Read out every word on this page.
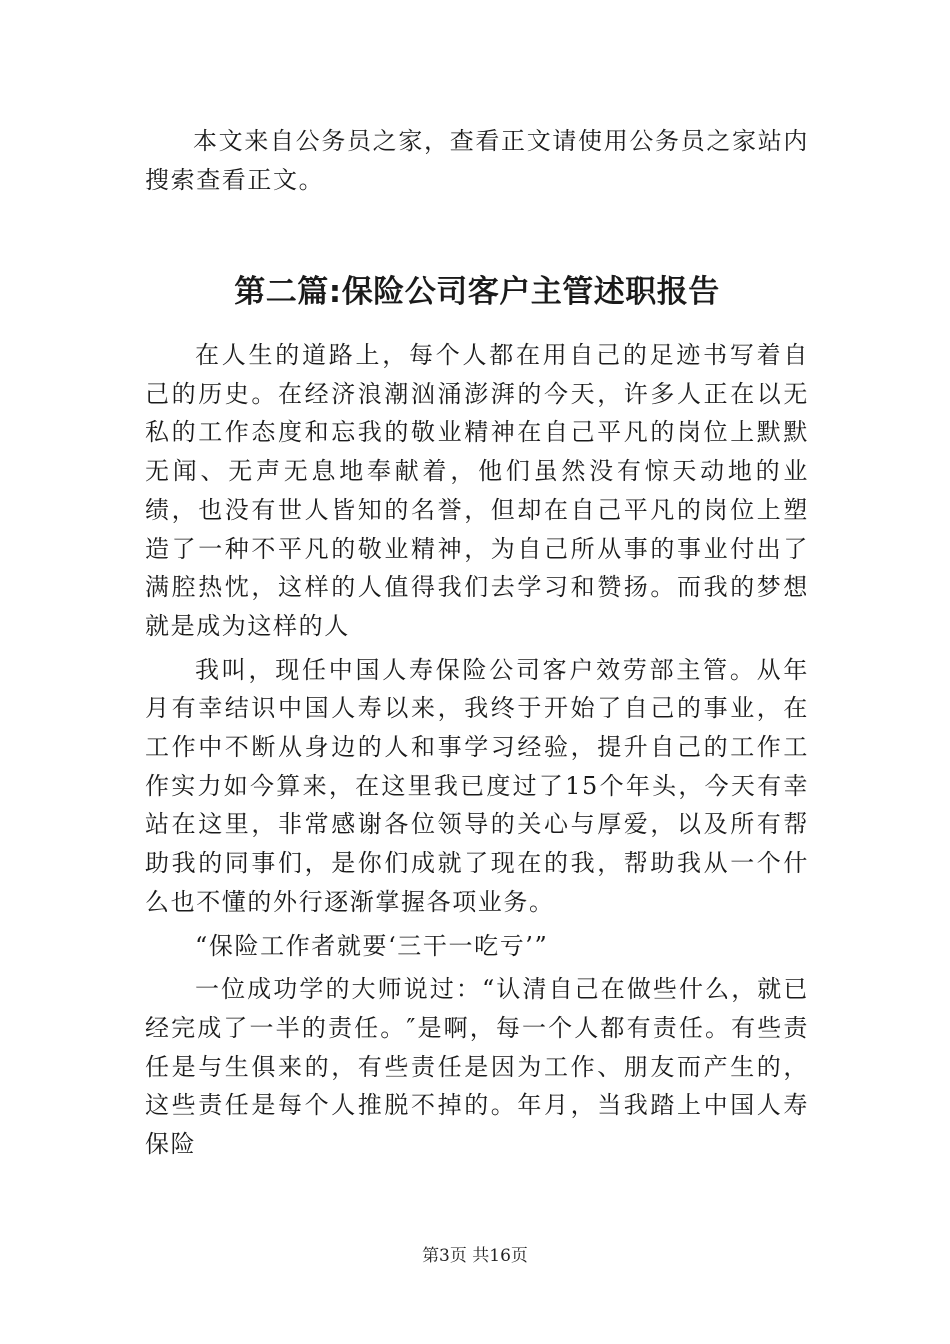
本文来自公务员之家，查看正文请使用公务员之家站内搜索查看正文。

第二篇:保险公司客户主管述职报告

在人生的道路上，每个人都在用自己的足迹书写着自己的历史。在经济浪潮汹涌澎湃的今天，许多人正在以无私的工作态度和忘我的敬业精神在自己平凡的岗位上默默无闻、无声无息地奉献着，他们虽然没有惊天动地的业绩，也没有世人皆知的名誉，但却在自己平凡的岗位上塑造了一种不平凡的敬业精神，为自己所从事的事业付出了满腔热忱，这样的人值得我们去学习和赞扬。而我的梦想就是成为这样的人

我叫，现任中国人寿保险公司客户效劳部主管。从年月有幸结识中国人寿以来，我终于开始了自己的事业，在工作中不断从身边的人和事学习经验，提升自己的工作工作实力如今算来，在这里我已度过了15个年头，今天有幸站在这里，非常感谢各位领导的关心与厚爱，以及所有帮助我的同事们，是你们成就了现在的我，帮助我从一个什么也不懂的外行逐渐掌握各项业务。

“保险工作者就要‘三干一吃亏’”

一位成功学的大师说过：“认清自己在做些什么，就已经完成了一半的责任。″是啊，每一个人都有责任。有些责任是与生俱来的，有些责任是因为工作、朋友而产生的，这些责任是每个人推脱不掉的。年月，当我踏上中国人寿保险

第3页 共16页
